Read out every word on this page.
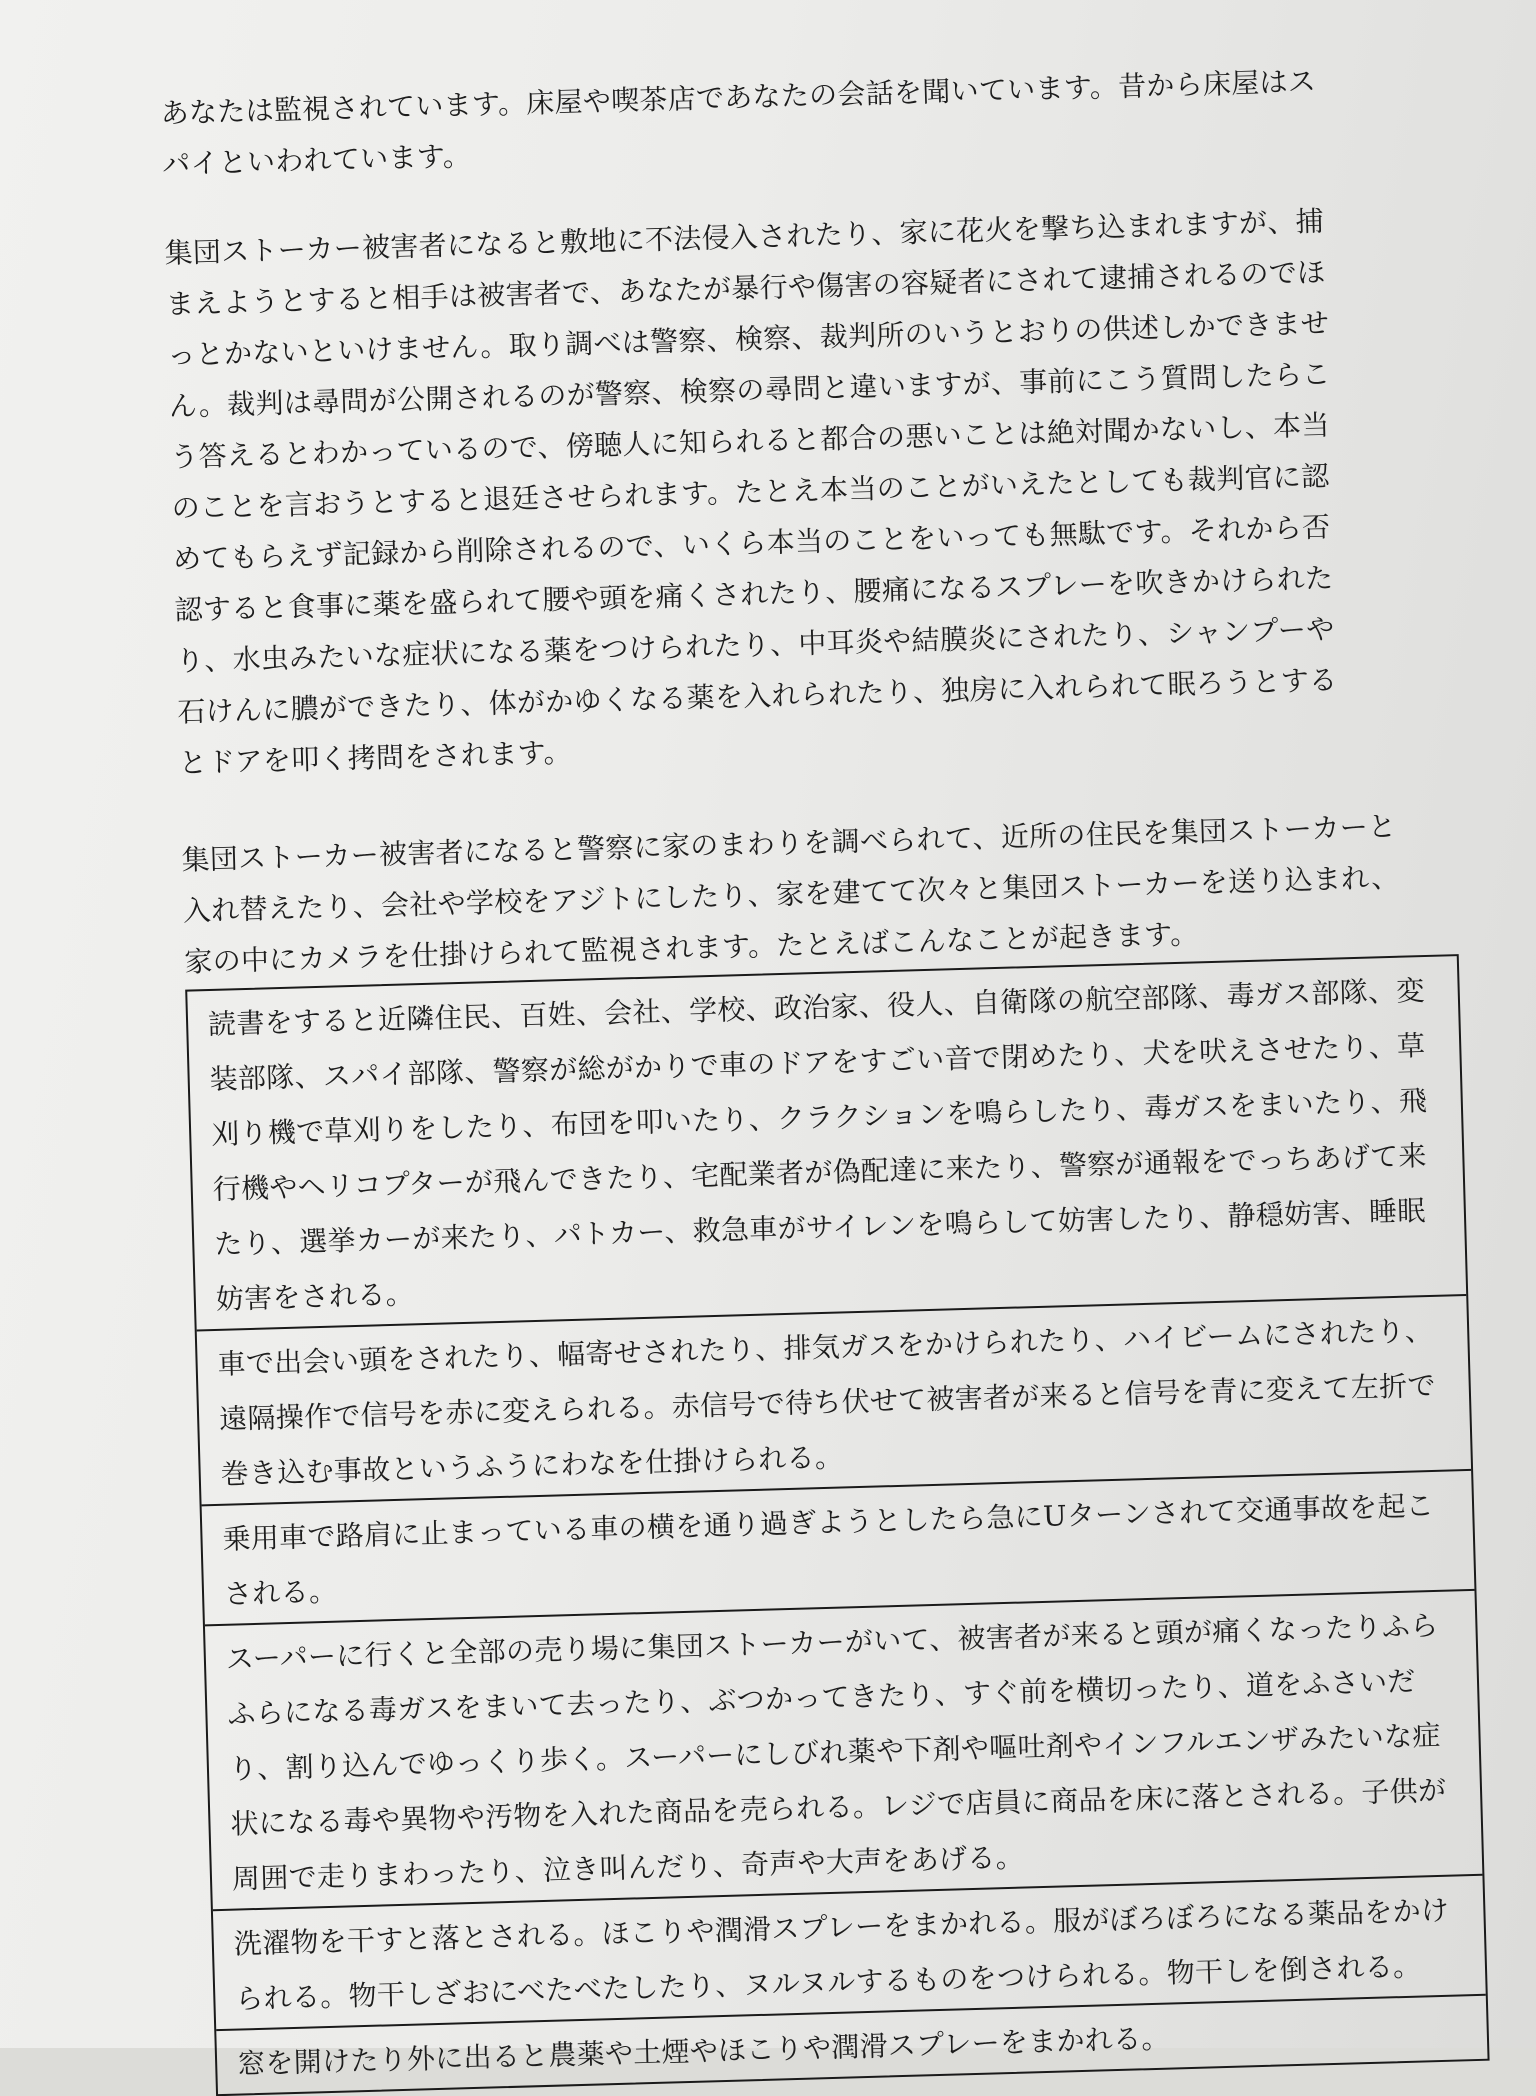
あなたは監視されています。床屋や喫茶店であなたの会話を聞いています。昔から床屋はスパイといわれています。

集団ストーカー被害者になると敷地に不法侵入されたり、家に花火を撃ち込まれますが、捕まえようとすると相手は被害者で、あなたが暴行や傷害の容疑者にされて逮捕されるのでほっとかないといけません。取り調べは警察、検察、裁判所のいうとおりの供述しかできません。裁判は尋問が公開されるのが警察、検察の尋問と違いますが、事前にこう質問したらこう答えるとわかっているので、傍聴人に知られると都合の悪いことは絶対聞かないし、本当のことを言おうとすると退廷させられます。たとえ本当のことがいえたとしても裁判官に認めてもらえず記録から削除されるので、いくら本当のことをいっても無駄です。それから否認すると食事に薬を盛られて腰や頭を痛くされたり、腰痛になるスプレーを吹きかけられたり、水虫みたいな症状になる薬をつけられたり、中耳炎や結膜炎にされたり、シャンプーや石けんに膿ができたり、体がかゆくなる薬を入れられたり、独房に入れられて眠ろうとするとドアを叩く拷問をされます。

集団ストーカー被害者になると警察に家のまわりを調べられて、近所の住民を集団ストーカーと入れ替えたり、会社や学校をアジトにしたり、家を建てて次々と集団ストーカーを送り込まれ、家の中にカメラを仕掛けられて監視されます。たとえばこんなことが起きます。

読書をすると近隣住民、百姓、会社、学校、政治家、役人、自衛隊の航空部隊、毒ガス部隊、変装部隊、スパイ部隊、警察が総がかりで車のドアをすごい音で閉めたり、犬を吠えさせたり、草刈り機で草刈りをしたり、布団を叩いたり、クラクションを鳴らしたり、毒ガスをまいたり、飛行機やヘリコプターが飛んできたり、宅配業者が偽配達に来たり、警察が通報をでっちあげて来たり、選挙カーが来たり、パトカー、救急車がサイレンを鳴らして妨害したり、静穏妨害、睡眠妨害をされる。
車で出会い頭をされたり、幅寄せされたり、排気ガスをかけられたり、ハイビームにされたり、遠隔操作で信号を赤に変えられる。赤信号で待ち伏せて被害者が来ると信号を青に変えて左折で巻き込む事故というふうにわなを仕掛けられる。
乗用車で路肩に止まっている車の横を通り過ぎようとしたら急にUターンされて交通事故を起こされる。
スーパーに行くと全部の売り場に集団ストーカーがいて、被害者が来ると頭が痛くなったりふらふらになる毒ガスをまいて去ったり、ぶつかってきたり、すぐ前を横切ったり、道をふさいだり、割り込んでゆっくり歩く。スーパーにしびれ薬や下剤や嘔吐剤やインフルエンザみたいな症状になる毒や異物や汚物を入れた商品を売られる。レジで店員に商品を床に落とされる。子供が周囲で走りまわったり、泣き叫んだり、奇声や大声をあげる。
洗濯物を干すと落とされる。ほこりや潤滑スプレーをまかれる。服がぼろぼろになる薬品をかけられる。物干しざおにべたべたしたり、ヌルヌルするものをつけられる。物干しを倒される。
窓を開けたり外に出ると農薬や土煙やほこりや潤滑スプレーをまかれる。
